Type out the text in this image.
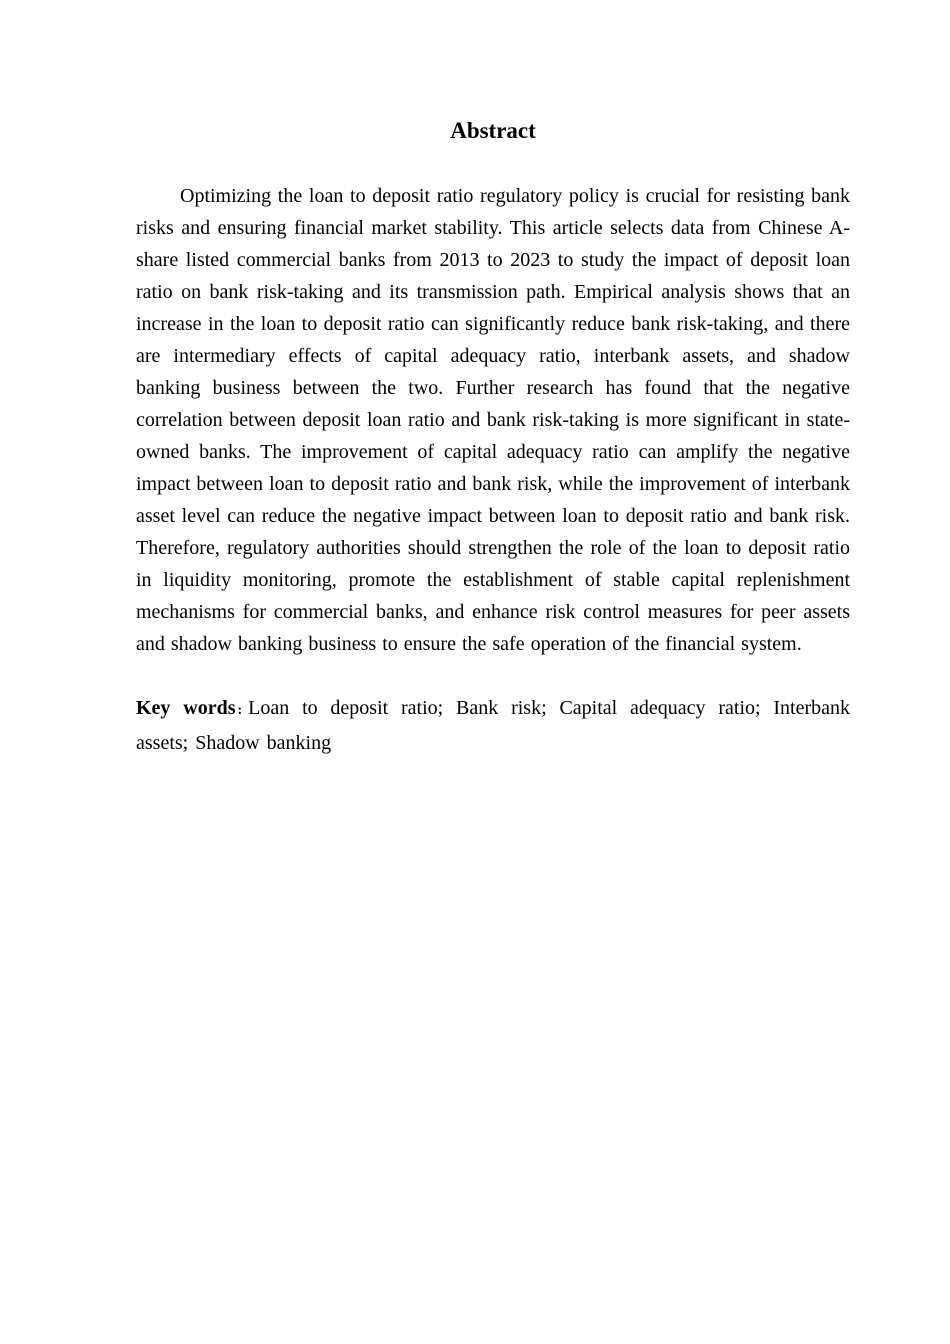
Abstract

Optimizing the loan to deposit ratio regulatory policy is crucial for resisting bank risks and ensuring financial market stability. This article selects data from Chinese A-share listed commercial banks from 2013 to 2023 to study the impact of deposit loan ratio on bank risk-taking and its transmission path. Empirical analysis shows that an increase in the loan to deposit ratio can significantly reduce bank risk-taking, and there are intermediary effects of capital adequacy ratio, interbank assets, and shadow banking business between the two. Further research has found that the negative correlation between deposit loan ratio and bank risk-taking is more significant in state-owned banks. The improvement of capital adequacy ratio can amplify the negative impact between loan to deposit ratio and bank risk, while the improvement of interbank asset level can reduce the negative impact between loan to deposit ratio and bank risk. Therefore, regulatory authorities should strengthen the role of the loan to deposit ratio in liquidity monitoring, promote the establishment of stable capital replenishment mechanisms for commercial banks, and enhance risk control measures for peer assets and shadow banking business to ensure the safe operation of the financial system.

Key words : Loan to deposit ratio; Bank risk; Capital adequacy ratio; Interbank assets; Shadow banking
